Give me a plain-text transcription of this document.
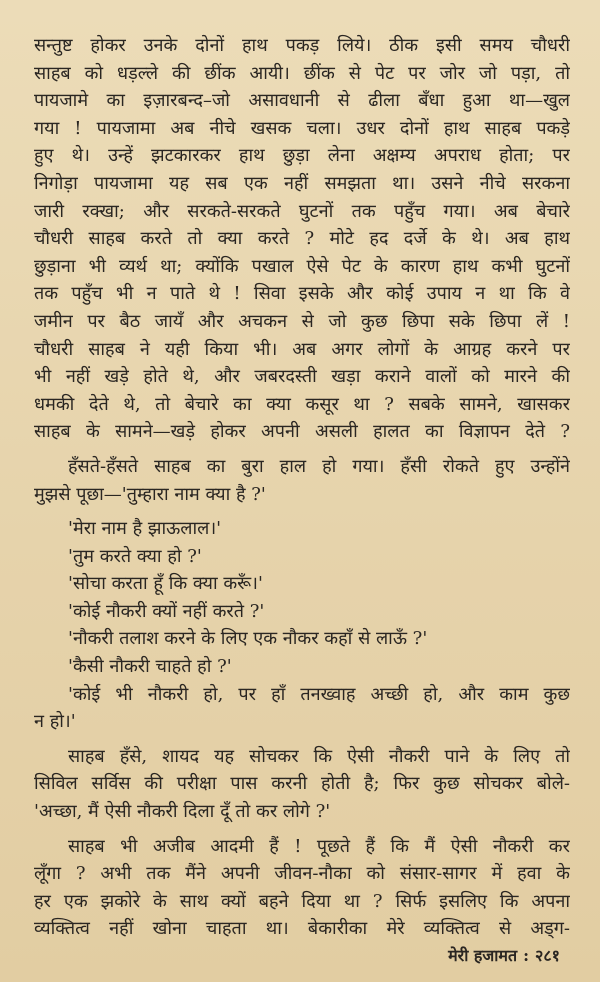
सन्तुष्ट होकर उनके दोनों हाथ पकड़ लिये। ठीक इसी समय चौधरी
साहब को धड़ल्ले की छींक आयी। छींक से पेट पर जोर जो पड़ा, तो
पायजामे का इज़ारबन्द–जो असावधानी से ढीला बँधा हुआ था—खुल
गया ! पायजामा अब नीचे खसक चला। उधर दोनों हाथ साहब पकड़े
हुए थे। उन्हें झटकारकर हाथ छुड़ा लेना अक्षम्य अपराध होता; पर
निगोड़ा पायजामा यह सब एक नहीं समझता था। उसने नीचे सरकना
जारी रक्खा; और सरकते-सरकते घुटनों तक पहुँच गया। अब बेचारे
चौधरी साहब करते तो क्या करते ? मोटे हद दर्जे के थे। अब हाथ
छुड़ाना भी व्यर्थ था; क्योंकि पखाल ऐसे पेट के कारण हाथ कभी घुटनों
तक पहुँच भी न पाते थे ! सिवा इसके और कोई उपाय न था कि वे
जमीन पर बैठ जायँ और अचकन से जो कुछ छिपा सके छिपा लें !
चौधरी साहब ने यही किया भी। अब अगर लोगों के आग्रह करने पर
भी नहीं खड़े होते थे, और जबरदस्ती खड़ा कराने वालों को मारने की
धमकी देते थे, तो बेचारे का क्या कसूर था ? सबके सामने, खासकर
साहब के सामने—खड़े होकर अपनी असली हालत का विज्ञापन देते ?
हँसते-हँसते साहब का बुरा हाल हो गया। हँसी रोकते हुए उन्होंने
मुझसे पूछा—'तुम्हारा नाम क्या है ?'
'मेरा नाम है झाऊलाल।'
'तुम करते क्या हो ?'
'सोचा करता हूँ कि क्या करूँ।'
'कोई नौकरी क्यों नहीं करते ?'
'नौकरी तलाश करने के लिए एक नौकर कहाँ से लाऊँ ?'
'कैसी नौकरी चाहते हो ?'
'कोई भी नौकरी हो, पर हाँ तनख्वाह अच्छी हो, और काम कुछ
न हो।'
साहब हँसे, शायद यह सोचकर कि ऐसी नौकरी पाने के लिए तो
सिविल सर्विस की परीक्षा पास करनी होती है; फिर कुछ सोचकर बोले-
'अच्छा, मैं ऐसी नौकरी दिला दूँ तो कर लोगे ?'
साहब भी अजीब आदमी हैं ! पूछते हैं कि मैं ऐसी नौकरी कर
लूँगा ? अभी तक मैंने अपनी जीवन-नौका को संसार-सागर में हवा के
हर एक झकोरे के साथ क्यों बहने दिया था ? सिर्फ इसलिए कि अपना
व्यक्तित्व नहीं खोना चाहता था। बेकारीका मेरे व्यक्तित्व से अड्ग-
मेरी हजामत : २८१
